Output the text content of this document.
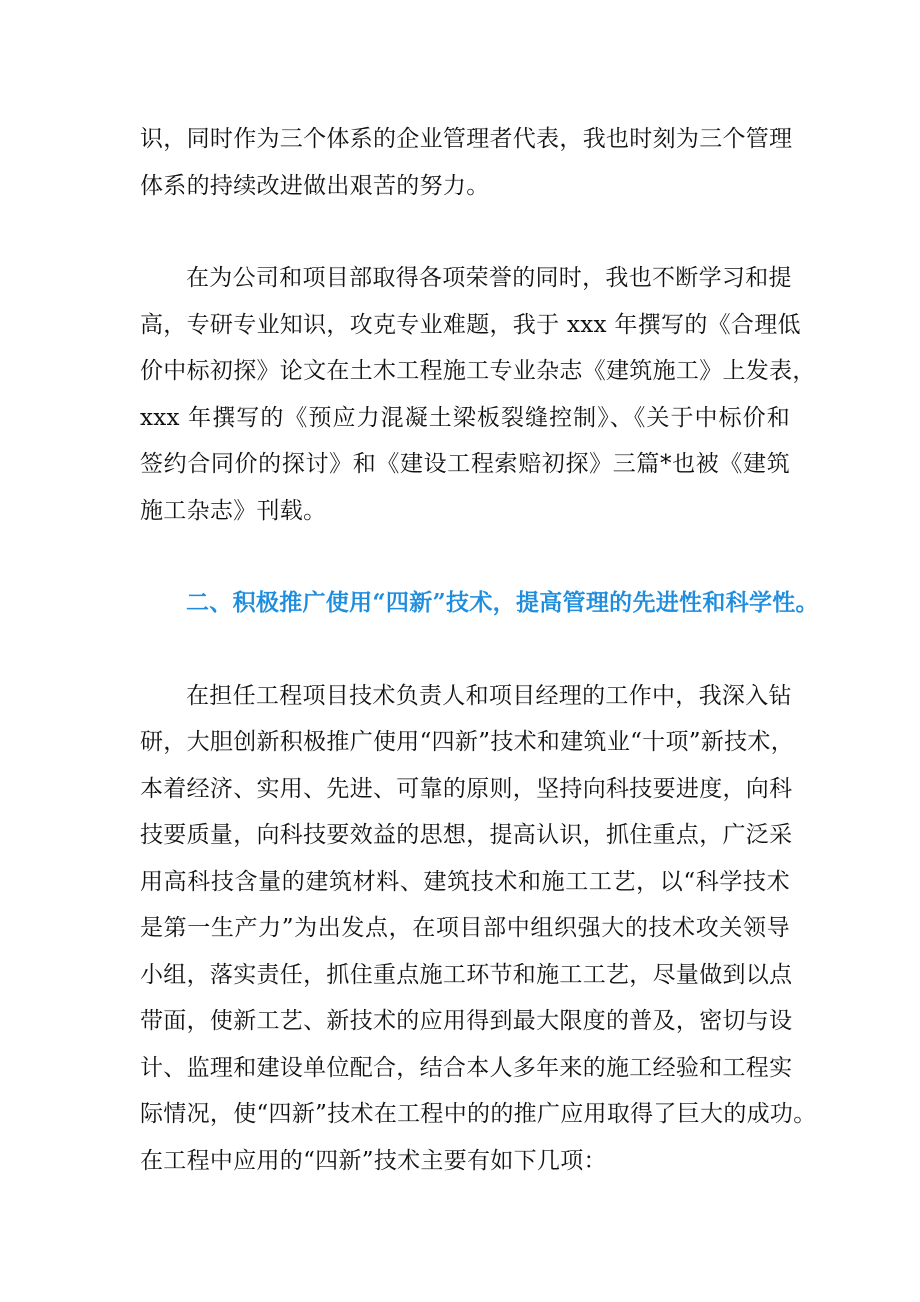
识，同时作为三个体系的企业管理者代表，我也时刻为三个管理
体系的持续改进做出艰苦的努力。
在为公司和项目部取得各项荣誉的同时，我也不断学习和提
高，专研专业知识，攻克专业难题，我于 xxx 年撰写的《合理低
价中标初探》论文在土木工程施工专业杂志《建筑施工》上发表，
xxx 年撰写的《预应力混凝土梁板裂缝控制》、《关于中标价和
签约合同价的探讨》和《建设工程索赔初探》三篇*也被《建筑
施工杂志》刊载。
二、积极推广使用“四新”技术，提高管理的先进性和科学性。
在担任工程项目技术负责人和项目经理的工作中，我深入钻
研，大胆创新积极推广使用“四新”技术和建筑业“十项”新技术，
本着经济、实用、先进、可靠的原则，坚持向科技要进度，向科
技要质量，向科技要效益的思想，提高认识，抓住重点，广泛采
用高科技含量的建筑材料、建筑技术和施工工艺，以“科学技术
是第一生产力”为出发点，在项目部中组织强大的技术攻关领导
小组，落实责任，抓住重点施工环节和施工工艺，尽量做到以点
带面，使新工艺、新技术的应用得到最大限度的普及，密切与设
计、监理和建设单位配合，结合本人多年来的施工经验和工程实
际情况，使“四新”技术在工程中的的推广应用取得了巨大的成功。
在工程中应用的“四新”技术主要有如下几项：
